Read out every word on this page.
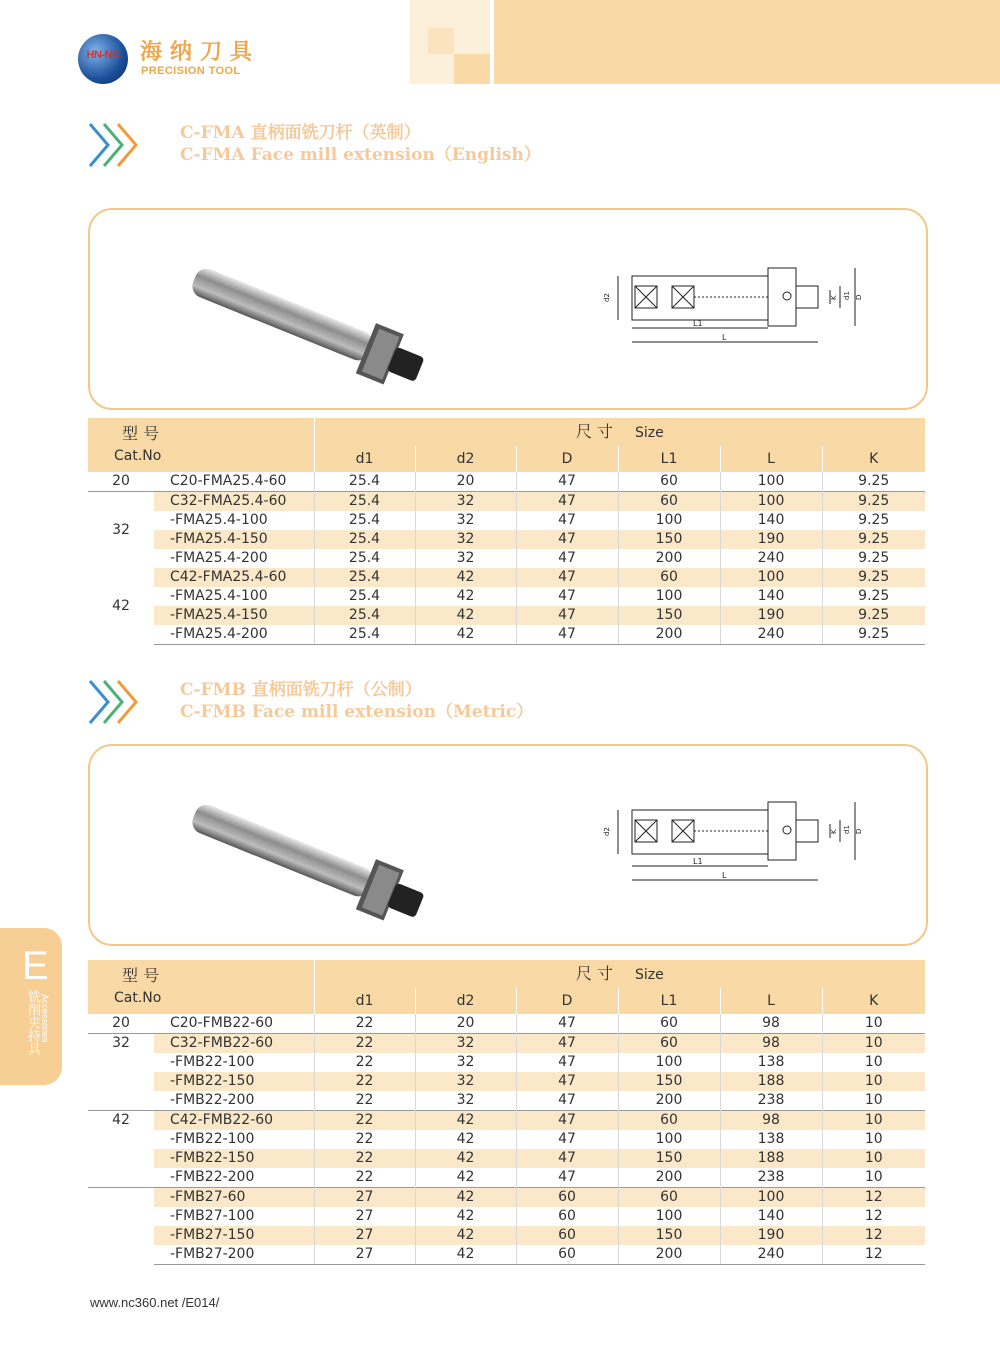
HN-NC 海纳刀具
PRECISION TOOL
C-FMA 直柄面铣刀杆（英制）
C-FMA Face mill extension（English）
L1
L
d2	K d1 D
型 号
Cat.No		尺 寸 Size					
		d1	d2	D	L1	L	K
20	C20-FMA25.4-60	25.4	20	47	60	100	9.25
32	C32-FMA25.4-60	25.4	32	47	60	100	9.25
	-FMA25.4-100	25.4	32	47	100	140	9.25
	-FMA25.4-150	25.4	32	47	150	190	9.25
	-FMA25.4-200	25.4	32	47	200	240	9.25
42	C42-FMA25.4-60	25.4	42	47	60	100	9.25
	-FMA25.4-100	25.4	42	47	100	140	9.25
	-FMA25.4-150	25.4	42	47	150	190	9.25
	-FMA25.4-200	25.4	42	47	200	240	9.25
C-FMB 直柄面铣刀杆（公制）
C-FMB Face mill extension（Metric）
L1
L
d2	K d1 D
型 号
Cat.No		尺 寸 Size					
		d1	d2	D	L1	L	K
20	C20-FMB22-60	22	20	47	60	98	10
32	C32-FMB22-60	22	32	47	60	98	10
	-FMB22-100	22	32	47	100	138	10
	-FMB22-150	22	32	47	150	188	10
	-FMB22-200	22	32	47	200	238	10
42	C42-FMB22-60	22	42	47	60	98	10
	-FMB22-100	22	42	47	100	138	10
	-FMB22-150	22	42	47	150	188	10
	-FMB22-200	22	42	47	200	238	10
	-FMB27-60	27	42	60	60	100	12
	-FMB27-100	27	42	60	100	140	12
	-FMB27-150	27	42	60	150	190	12
	-FMB27-200	27	42	60	200	240	12
E
铣削夹持具 Accessories
www.nc360.net /E014/
